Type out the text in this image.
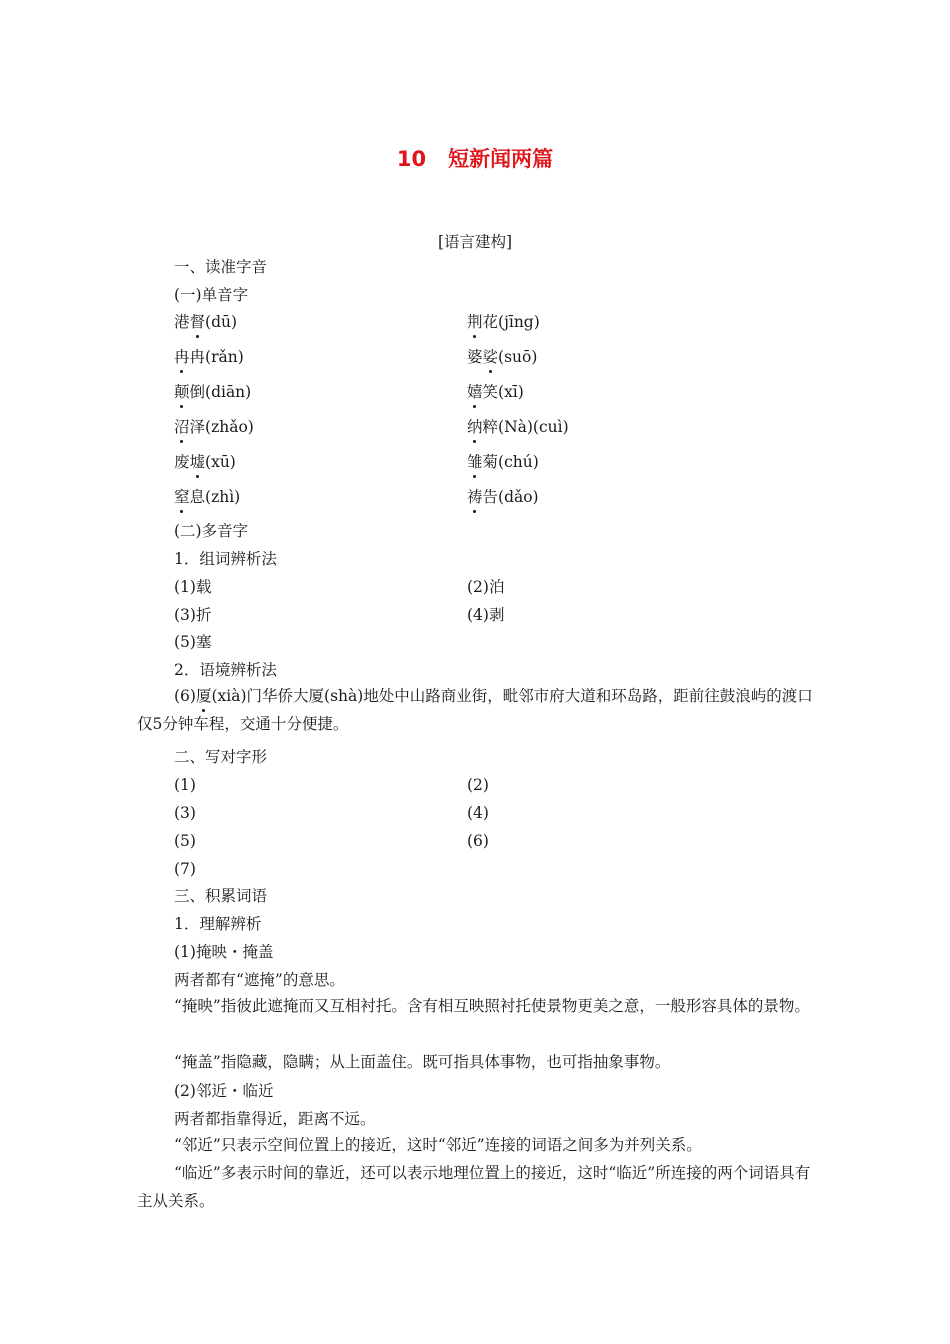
10 短新闻两篇
[语言建构]
一、读准字音
(一)单音字
港督(dū)	荆花(jīng)
冉冉(rǎn)	婆娑(suō)
颠倒(diān)	嬉笑(xī)
沼泽(zhǎo)	纳粹(Nà)(cuì)
废墟(xū)	雏菊(chú)
窒息(zhì)	祷告(dǎo)
(二)多音字
1．组词辨析法
(1)载	(2)泊
(3)折	(4)剥
(5)塞
2．语境辨析法
(6)厦(xià)门华侨大厦(shà)地处中山路商业街，毗邻市府大道和环岛路，距前往鼓浪屿的渡口仅5分钟车程，交通十分便捷。
二、写对字形
(1)	(2)
(3)	(4)
(5)	(6)
(7)
三、积累词语
1．理解辨析
(1)掩映・掩盖
两者都有“遮掩”的意思。
“掩映”指彼此遮掩而又互相衬托。含有相互映照衬托使景物更美之意，一般形容具体的景物。
“掩盖”指隐藏，隐瞒；从上面盖住。既可指具体事物，也可指抽象事物。
(2)邻近・临近
两者都指靠得近，距离不远。
“邻近”只表示空间位置上的接近，这时“邻近”连接的词语之间多为并列关系。
“临近”多表示时间的靠近，还可以表示地理位置上的接近，这时“临近”所连接的两个词语具有主从关系。
